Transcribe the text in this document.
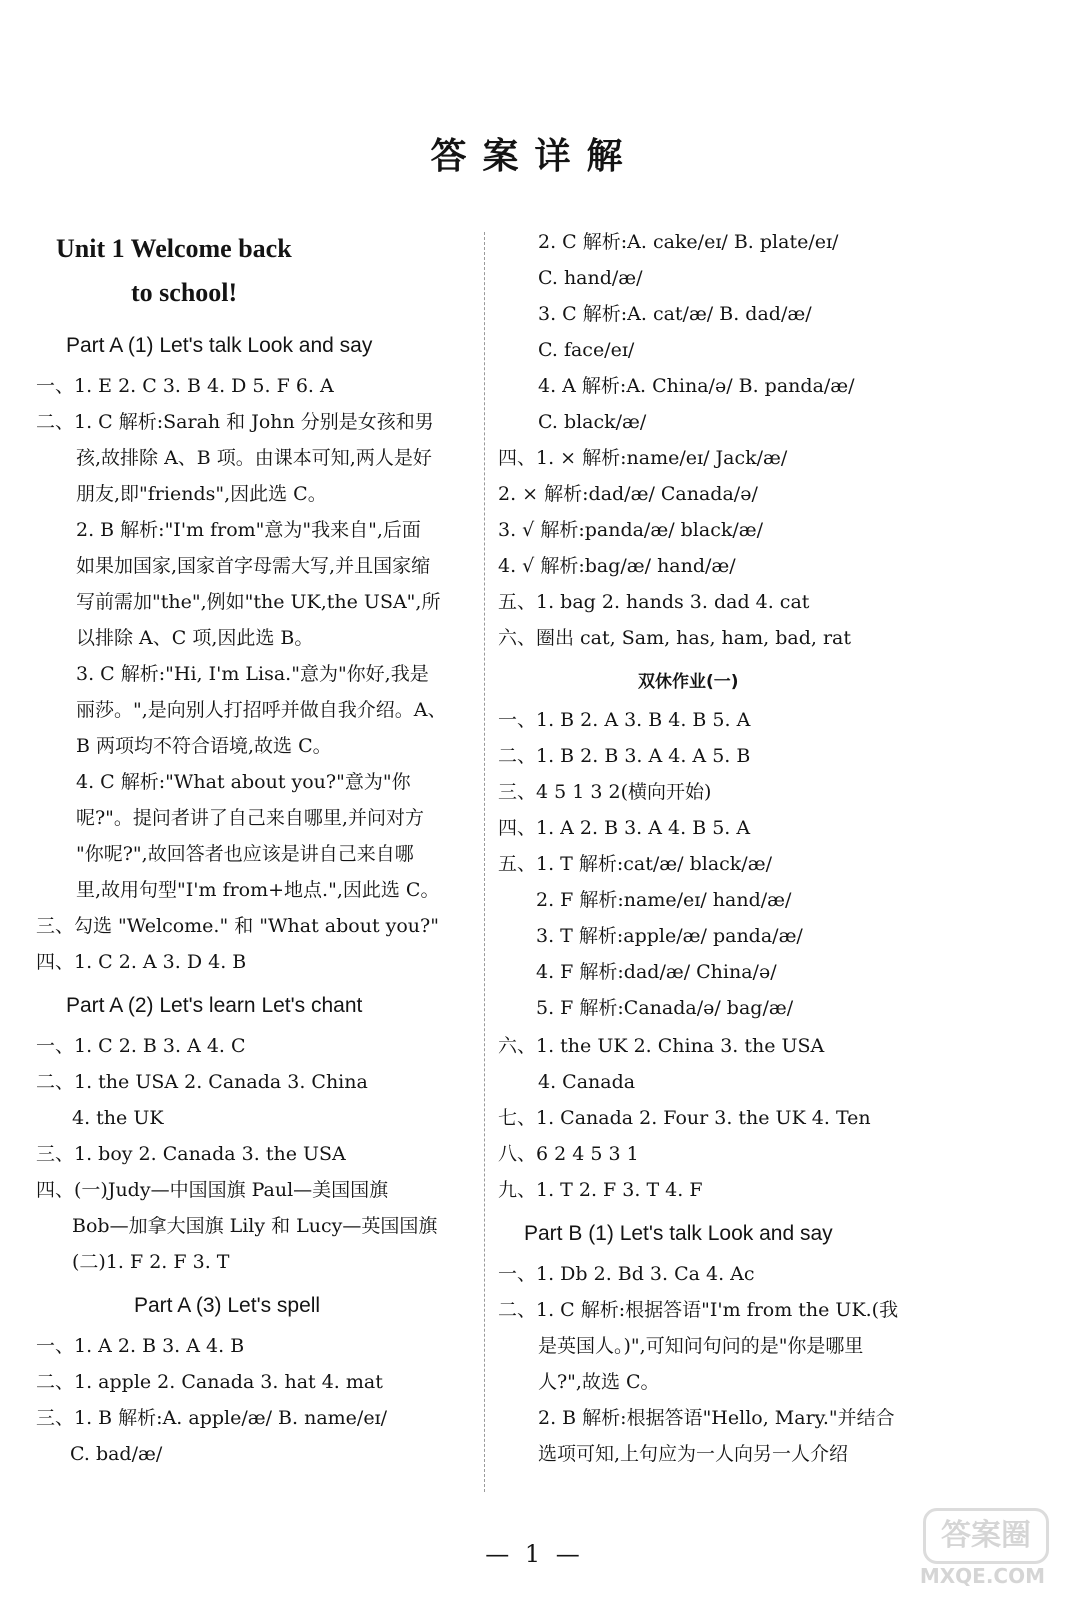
答案详解
Unit 1 Welcome back
to school!
Part A (1) Let's talk Look and say
一、1. E 2. C 3. B 4. D 5. F 6. A
二、1. C 解析:Sarah 和 John 分别是女孩和男
孩,故排除 A、B 项。由课本可知,两人是好
朋友,即"friends",因此选 C。
2. B 解析:"I'm from"意为"我来自",后面
如果加国家,国家首字母需大写,并且国家缩
写前需加"the",例如"the UK,the USA",所
以排除 A、C 项,因此选 B。
3. C 解析:"Hi, I'm Lisa."意为"你好,我是
丽莎。",是向别人打招呼并做自我介绍。A、
B 两项均不符合语境,故选 C。
4. C 解析:"What about you?"意为"你
呢?"。提问者讲了自己来自哪里,并问对方
"你呢?",故回答者也应该是讲自己来自哪
里,故用句型"I'm from+地点.",因此选 C。
三、勾选 "Welcome." 和 "What about you?"
四、1. C 2. A 3. D 4. B
Part A (2) Let's learn Let's chant
一、1. C 2. B 3. A 4. C
二、1. the USA 2. Canada 3. China
4. the UK
三、1. boy 2. Canada 3. the USA
四、(一)Judy—中国国旗 Paul—美国国旗
Bob—加拿大国旗 Lily 和 Lucy—英国国旗
(二)1. F 2. F 3. T
Part A (3) Let's spell
一、1. A 2. B 3. A 4. B
二、1. apple 2. Canada 3. hat 4. mat
三、1. B 解析:A. apple/æ/ B. name/eɪ/
C. bad/æ/
2. C 解析:A. cake/eɪ/ B. plate/eɪ/
C. hand/æ/
3. C 解析:A. cat/æ/ B. dad/æ/
C. face/eɪ/
4. A 解析:A. China/ə/ B. panda/æ/
C. black/æ/
四、1. × 解析:name/eɪ/ Jack/æ/
2. × 解析:dad/æ/ Canada/ə/
3. √ 解析:panda/æ/ black/æ/
4. √ 解析:bag/æ/ hand/æ/
五、1. bag 2. hands 3. dad 4. cat
六、圈出 cat, Sam, has, ham, bad, rat
双休作业(一)
一、1. B 2. A 3. B 4. B 5. A
二、1. B 2. B 3. A 4. A 5. B
三、4 5 1 3 2(横向开始)
四、1. A 2. B 3. A 4. B 5. A
五、1. T 解析:cat/æ/ black/æ/
2. F 解析:name/eɪ/ hand/æ/
3. T 解析:apple/æ/ panda/æ/
4. F 解析:dad/æ/ China/ə/
5. F 解析:Canada/ə/ bag/æ/
六、1. the UK 2. China 3. the USA
4. Canada
七、1. Canada 2. Four 3. the UK 4. Ten
八、6 2 4 5 3 1
九、1. T 2. F 3. T 4. F
Part B (1) Let's talk Look and say
一、1. Db 2. Bd 3. Ca 4. Ac
二、1. C 解析:根据答语"I'm from the UK.(我
是英国人。)",可知问句问的是"你是哪里
人?",故选 C。
2. B 解析:根据答语"Hello, Mary."并结合
选项可知,上句应为一人向另一人介绍
— 1 —
答案圈
MXQE.COM
